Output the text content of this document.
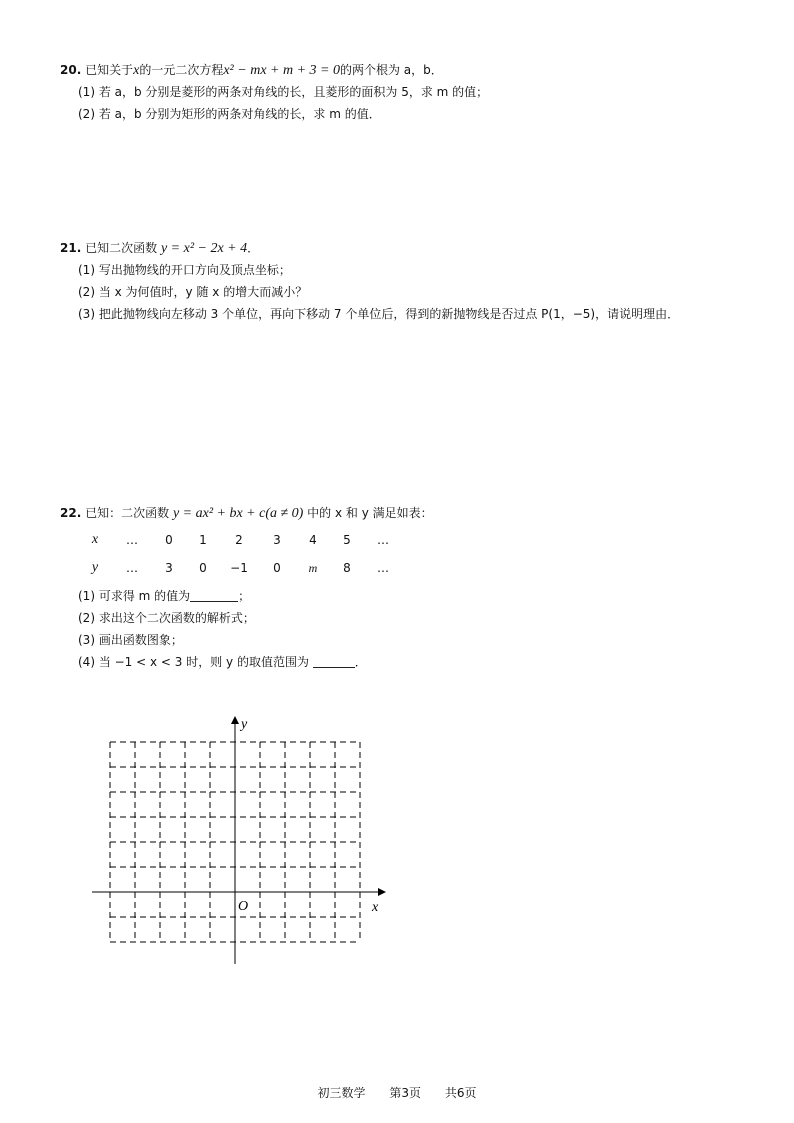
20. 已知关于x的一元二次方程x² − mx + m + 3 = 0的两个根为 a，b．
(1) 若 a，b 分别是菱形的两条对角线的长，且菱形的面积为 5，求 m 的值；
(2) 若 a，b 分别为矩形的两条对角线的长，求 m 的值．
21. 已知二次函数 y = x² − 2x + 4．
(1) 写出抛物线的开口方向及顶点坐标；
(2) 当 x 为何值时，y 随 x 的增大而减小？
(3) 把此抛物线向左移动 3 个单位，再向下移动 7 个单位后，得到的新抛物线是否过点 P(1，−5)，请说明理由．
22. 已知：二次函数 y = ax² + bx + c(a ≠ 0) 中的 x 和 y 满足如表：
x	…	0	1	2	3	4	5	…
y	…	3	0	−1	0	m	8	…
(1) 可求得 m 的值为	；
(2) 求出这个二次函数的解析式；
(3) 画出函数图象；
(4) 当 −1 < x < 3 时，则 y 的取值范围为	．
x
y
O
初三数学 第3页 共6页
